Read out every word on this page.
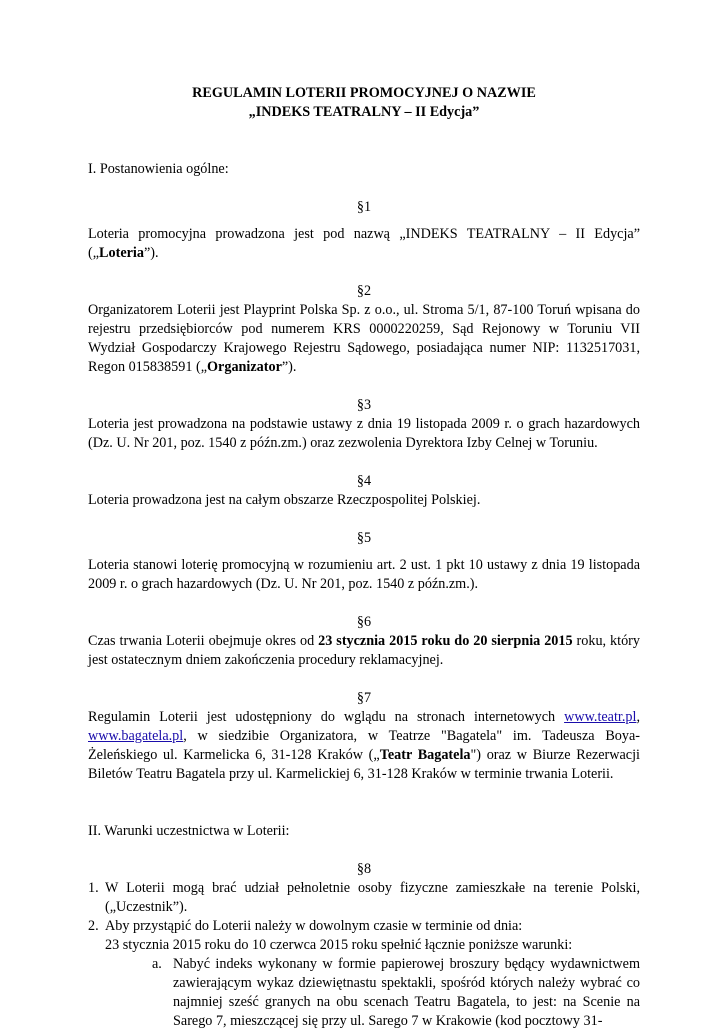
REGULAMIN LOTERII PROMOCYJNEJ O NAZWIE
„INDEKS TEATRALNY – II Edycja”

I. Postanowienia ogólne:

§1

Loteria promocyjna prowadzona jest pod nazwą „INDEKS TEATRALNY – II Edycja” („Loteria”).

§2

Organizatorem Loterii jest Playprint Polska Sp. z o.o., ul. Stroma 5/1, 87-100 Toruń wpisana do rejestru przedsiębiorców pod numerem KRS 0000220259, Sąd Rejonowy w Toruniu VII Wydział Gospodarczy Krajowego Rejestru Sądowego, posiadająca numer NIP: 1132517031, Regon 015838591 („Organizator”).

§3

Loteria jest prowadzona na podstawie ustawy z dnia 19 listopada 2009 r. o grach hazardowych (Dz. U. Nr 201, poz. 1540 z późn.zm.) oraz zezwolenia Dyrektora Izby Celnej w Toruniu.

§4

Loteria prowadzona jest na całym obszarze Rzeczpospolitej Polskiej.

§5

Loteria stanowi loterię promocyjną w rozumieniu art. 2 ust. 1 pkt 10 ustawy z dnia 19 listopada 2009 r. o grach hazardowych (Dz. U. Nr 201, poz. 1540 z późn.zm.).

§6

Czas trwania Loterii obejmuje okres od 23 stycznia 2015 roku do 20 sierpnia 2015 roku, który jest ostatecznym dniem zakończenia procedury reklamacyjnej.

§7

Regulamin Loterii jest udostępniony do wglądu na stronach internetowych www.teatr.pl, www.bagatela.pl, w siedzibie Organizatora, w Teatrze "Bagatela" im. Tadeusza Boya-Żeleńskiego ul. Karmelicka 6, 31-128 Kraków („Teatr Bagatela") oraz w Biurze Rezerwacji Biletów Teatru Bagatela przy ul. Karmelickiej 6, 31-128 Kraków w terminie trwania Loterii.

II. Warunki uczestnictwa w Loterii:

§8

1. W Loterii mogą brać udział pełnoletnie osoby fizyczne zamieszkałe na terenie Polski, („Uczestnik”).
2. Aby przystąpić do Loterii należy w dowolnym czasie w terminie od dnia:
23 stycznia 2015 roku do 10 czerwca 2015 roku spełnić łącznie poniższe warunki:
a. Nabyć indeks wykonany w formie papierowej broszury będący wydawnictwem zawierającym wykaz dziewiętnastu spektakli, spośród których należy wybrać co najmniej sześć granych na obu scenach Teatru Bagatela, to jest: na Scenie na Sarego 7, mieszczącej się przy ul. Sarego 7 w Krakowie (kod pocztowy 31-
